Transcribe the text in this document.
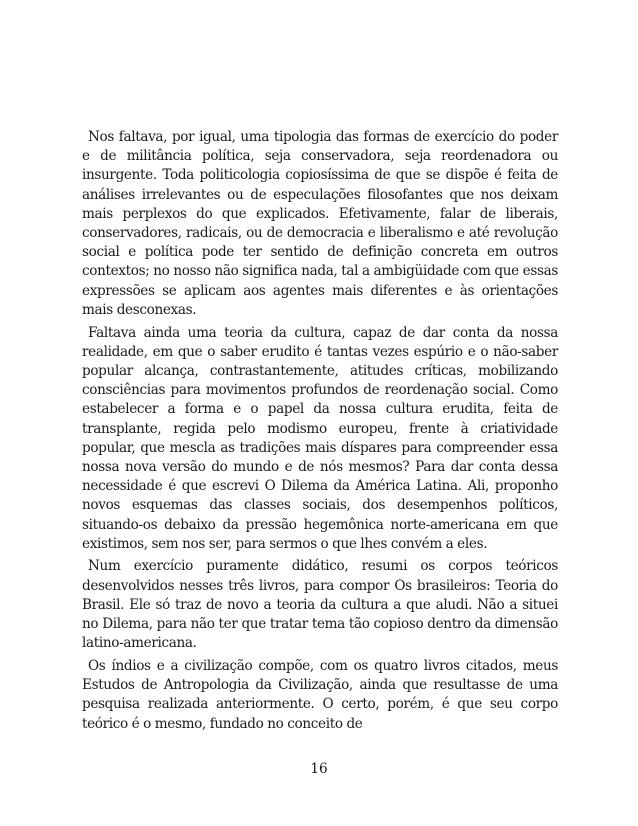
Nos faltava, por igual, uma tipologia das formas de exercício do poder e de militância política, seja conservadora, seja reordenadora ou insurgente. Toda politicologia copiosíssima de que se dispõe é feita de análises irrelevantes ou de especulações filosofantes que nos deixam mais perplexos do que explicados. Efetivamente, falar de liberais, conservadores, radicais, ou de democracia e liberalismo e até revolução social e política pode ter sentido de definição concreta em outros contextos; no nosso não significa nada, tal a ambigüidade com que essas expressões se aplicam aos agentes mais diferentes e às orientações mais desconexas.

Faltava ainda uma teoria da cultura, capaz de dar conta da nossa realidade, em que o saber erudito é tantas vezes espúrio e o não-saber popular alcança, contrastantemente, atitudes críticas, mobilizando consciências para movimentos profundos de reordenação social. Como estabelecer a forma e o papel da nossa cultura erudita, feita de transplante, regida pelo modismo europeu, frente à criatividade popular, que mescla as tradições mais díspares para compreender essa nossa nova versão do mundo e de nós mesmos? Para dar conta dessa necessidade é que escrevi O Dilema da América Latina. Ali, proponho novos esquemas das classes sociais, dos desempenhos políticos, situando-os debaixo da pressão hegemônica norte-americana em que existimos, sem nos ser, para sermos o que lhes convém a eles.

Num exercício puramente didático, resumi os corpos teóricos desenvolvidos nesses três livros, para compor Os brasileiros: Teoria do Brasil. Ele só traz de novo a teoria da cultura a que aludi. Não a situei no Dilema, para não ter que tratar tema tão copioso dentro da dimensão latino-americana.

Os índios e a civilização compõe, com os quatro livros citados, meus Estudos de Antropologia da Civilização, ainda que resultasse de uma pesquisa realizada anteriormente. O certo, porém, é que seu corpo teórico é o mesmo, fundado no conceito de

16
